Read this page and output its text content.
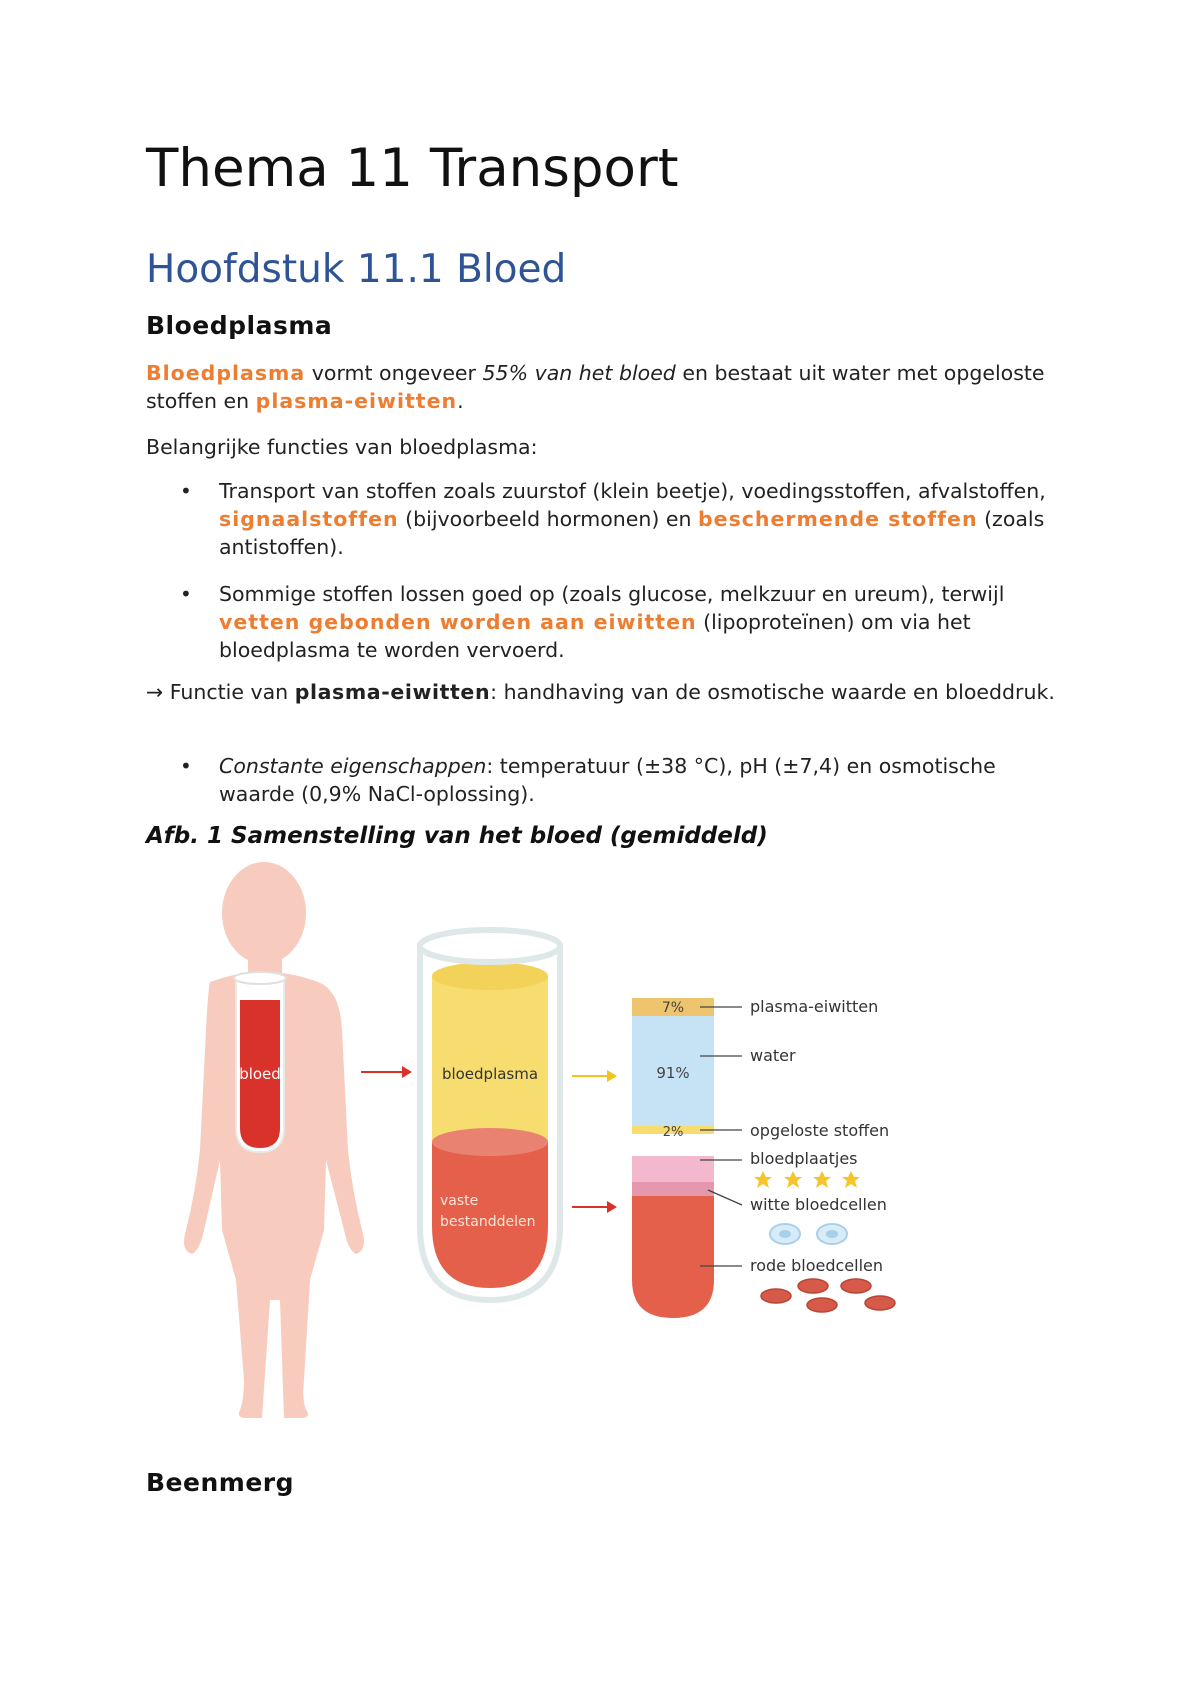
Thema 11 Transport
Hoofdstuk 11.1 Bloed
Bloedplasma

Bloedplasma vormt ongeveer 55% van het bloed en bestaat uit water met opgeloste stoffen en plasma-eiwitten.

Belangrijke functies van bloedplasma:

• Transport van stoffen zoals zuurstof (klein beetje), voedingsstoffen, afvalstoffen, signaalstoffen (bijvoorbeeld hormonen) en beschermende stoffen (zoals antistoffen).
• Sommige stoffen lossen goed op (zoals glucose, melkzuur en ureum), terwijl vetten gebonden worden aan eiwitten (lipoproteïnen) om via het bloedplasma te worden vervoerd.

→ Functie van plasma-eiwitten: handhaving van de osmotische waarde en bloeddruk.

• Constante eigenschappen: temperatuur (±38 °C), pH (±7,4) en osmotische waarde (0,9% NaCl-oplossing).

Afb. 1 Samenstelling van het bloed (gemiddeld)

Beenmerg
bloed	bloedplasma
vaste
bestanddelen
7%
91%
2%
plasma-eiwitten
water
opgeloste stoffen
bloedplaatjes
witte bloedcellen
rode bloedcellen
